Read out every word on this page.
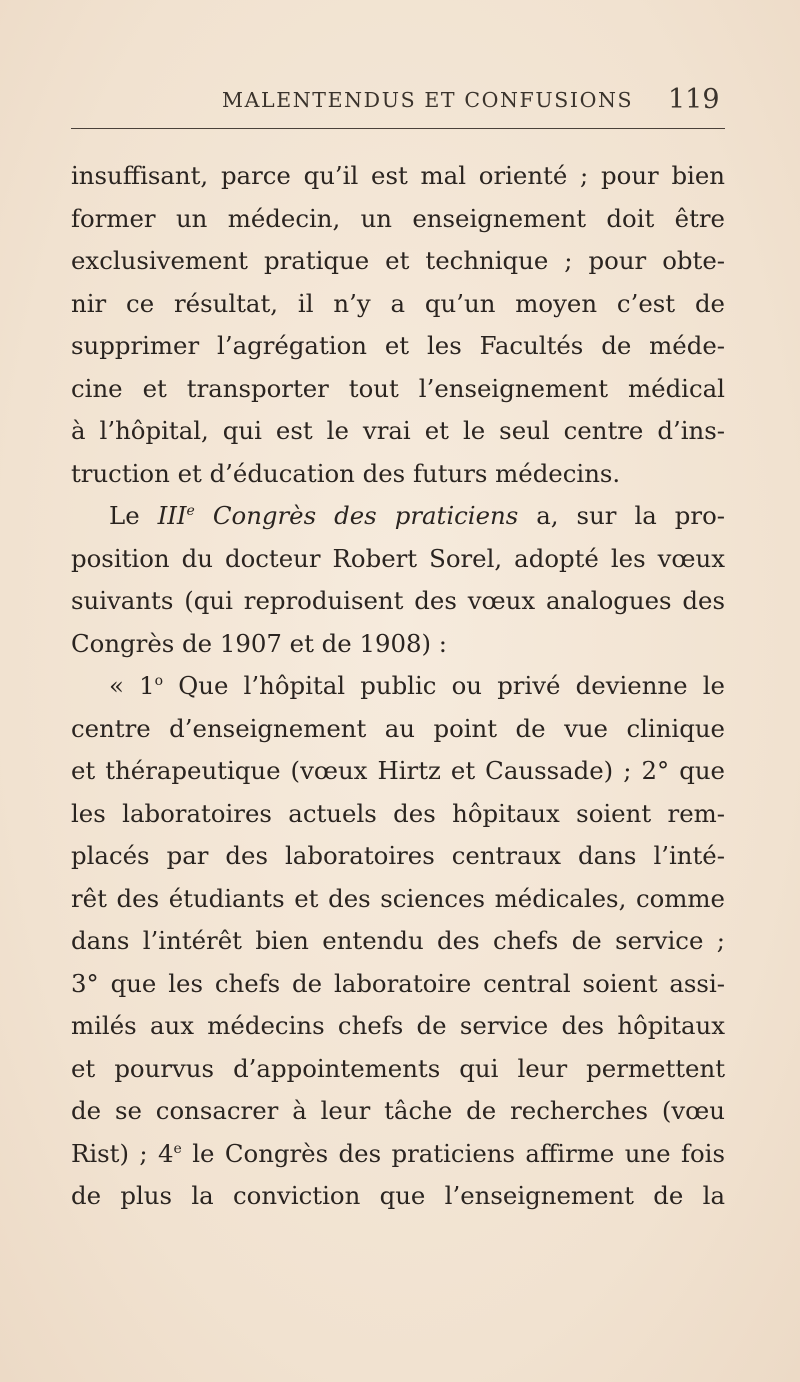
MALENTENDUS ET CONFUSIONS 119
insuffisant, parce qu’il est mal orienté ; pour bien
former un médecin, un enseignement doit être
exclusivement pratique et technique ; pour obte-
nir ce résultat, il n’y a qu’un moyen c’est de
supprimer l’agrégation et les Facultés de méde-
cine et transporter tout l’enseignement médical
à l’hôpital, qui est le vrai et le seul centre d’ins-
truction et d’éducation des futurs médecins.
Le IIIe Congrès des praticiens a, sur la pro-
position du docteur Robert Sorel, adopté les vœux
suivants (qui reproduisent des vœux analogues des
Congrès de 1907 et de 1908) :
« 1$^o$ Que l’hôpital public ou privé devienne le
centre d’enseignement au point de vue clinique
et thérapeutique (vœux Hirtz et Caussade) ; 2° que
les laboratoires actuels des hôpitaux soient rem-
placés par des laboratoires centraux dans l’inté-
rêt des étudiants et des sciences médicales, comme
dans l’intérêt bien entendu des chefs de service ;
3° que les chefs de laboratoire central soient assi-
milés aux médecins chefs de service des hôpitaux
et pourvus d’appointements qui leur permettent
de se consacrer à leur tâche de recherches (vœu
Rist) ; 4e le Congrès des praticiens affirme une fois
de plus la conviction que l’enseignement de la
